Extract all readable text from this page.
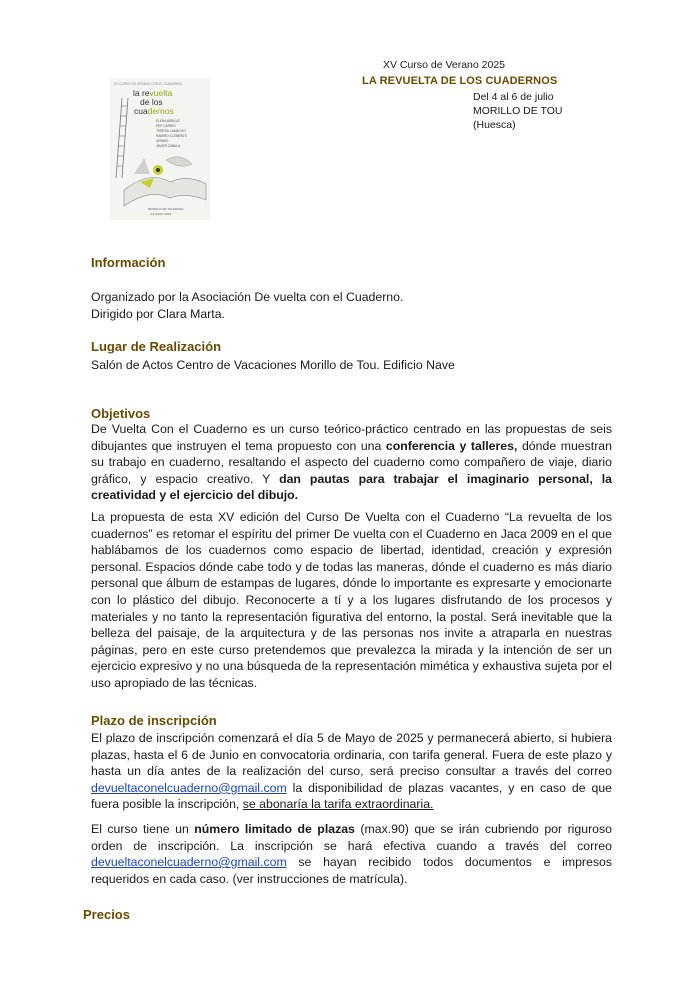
XV Curso de Verano 2025
LA REVUELTA DE LOS CUADERNOS
Del 4 al 6 de julio
MORILLO DE TOU
(Huesca)
XV CURSO DE VERANO CON EL CUADERNO
la revuelta
de los
cuadernos
ELENA ARBULÉ
PEP CARRIÓ
TERESA CAMACHO
RAMIRO CLEMENTE
URBINO
JAVIER ZABALA
MORILLO DE TOU/AINSA
4 6 JULIO 2025
Información
Organizado por la Asociación De vuelta con el Cuaderno.
Dirigido por Clara Marta.
Lugar de Realización
Salón de Actos Centro de Vacaciones Morillo de Tou. Edificio Nave
Objetivos
De Vuelta Con el Cuaderno es un curso teórico-práctico centrado en las propuestas de seis dibujantes que instruyen el tema propuesto con una conferencia y talleres, dónde muestran su trabajo en cuaderno, resaltando el aspecto del cuaderno como compañero de viaje, diario gráfico, y espacio creativo. Y dan pautas para trabajar el imaginario personal, la creatividad y el ejercicio del dibujo.
La propuesta de esta XV edición del Curso De Vuelta con el Cuaderno “La revuelta de los cuadernos” es retomar el espíritu del primer De vuelta con el Cuaderno en Jaca 2009 en el que hablábamos de los cuadernos como espacio de libertad, identidad, creación y expresión personal. Espacios dónde cabe todo y de todas las maneras, dónde el cuaderno es más diario personal que álbum de estampas de lugares, dónde lo importante es expresarte y emocionarte con lo plástico del dibujo. Reconocerte a tí y a los lugares disfrutando de los procesos y materiales y no tanto la representación figurativa del entorno, la postal. Será inevitable que la belleza del paisaje, de la arquitectura y de las personas nos invite a atraparla en nuestras páginas, pero en este curso pretendemos que prevalezca la mirada y la intención de ser un ejercicio expresivo y no una búsqueda de la representación mimética y exhaustiva sujeta por el uso apropiado de las técnicas.
Plazo de inscripción
El plazo de inscripción comenzará el día 5 de Mayo de 2025 y permanecerá abierto, si hubiera plazas, hasta el 6 de Junio en convocatoria ordinaria, con tarifa general. Fuera de este plazo y hasta un día antes de la realización del curso, será preciso consultar a través del correo devueltaconelcuaderno@gmail.com la disponibilidad de plazas vacantes, y en caso de que fuera posible la inscripción, se abonaría la tarifa extraordinaria.
El curso tiene un número limitado de plazas (max.90) que se irán cubriendo por riguroso orden de inscripción. La inscripción se hará efectiva cuando a través del correo devueltaconelcuaderno@gmail.com se hayan recibido todos documentos e impresos requeridos en cada caso. (ver instrucciones de matrícula).
Precios
